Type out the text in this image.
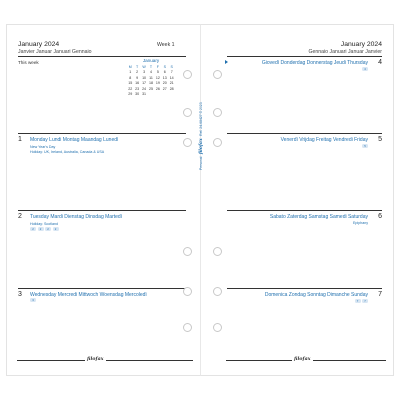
January 2024
Janvier Januar Januari Gennaio
Week 1
This week	January
M	T	W	T	F	S	S
1	2	3	4	5	6	7
8	9	10 11 12 13 14
15 16 17 18 19 20 21
22 23 24 25 26 27 28
29 30 31
1 Monday Lundi Montag Maandag Lunedì
New Year's Day
Holiday: UK, Ireland, Australia, Canada & USA
2 Tuesday Mardi Dienstag Dinsdag Martedì
Holiday: Scotland
2	2	2	2
3 Wednesday Mercredi Mittwoch Woensdag Mercoledì
3
January 2024
Gennaio Januari Januar Janvier
Giovedì Donderdag Donnerstag Jeudi Thursday 4
4
Venerdì Vrijdag Freitag Vendredi Friday 5
5
Sabato Zaterdag Samstag Samedi Saturday 6
Epiphany
Domenica Zondag Sonntag Dimanche Sunday 7
7	7
Personal filofax Ref. 24-68427 © 2023
filofax	filofax
